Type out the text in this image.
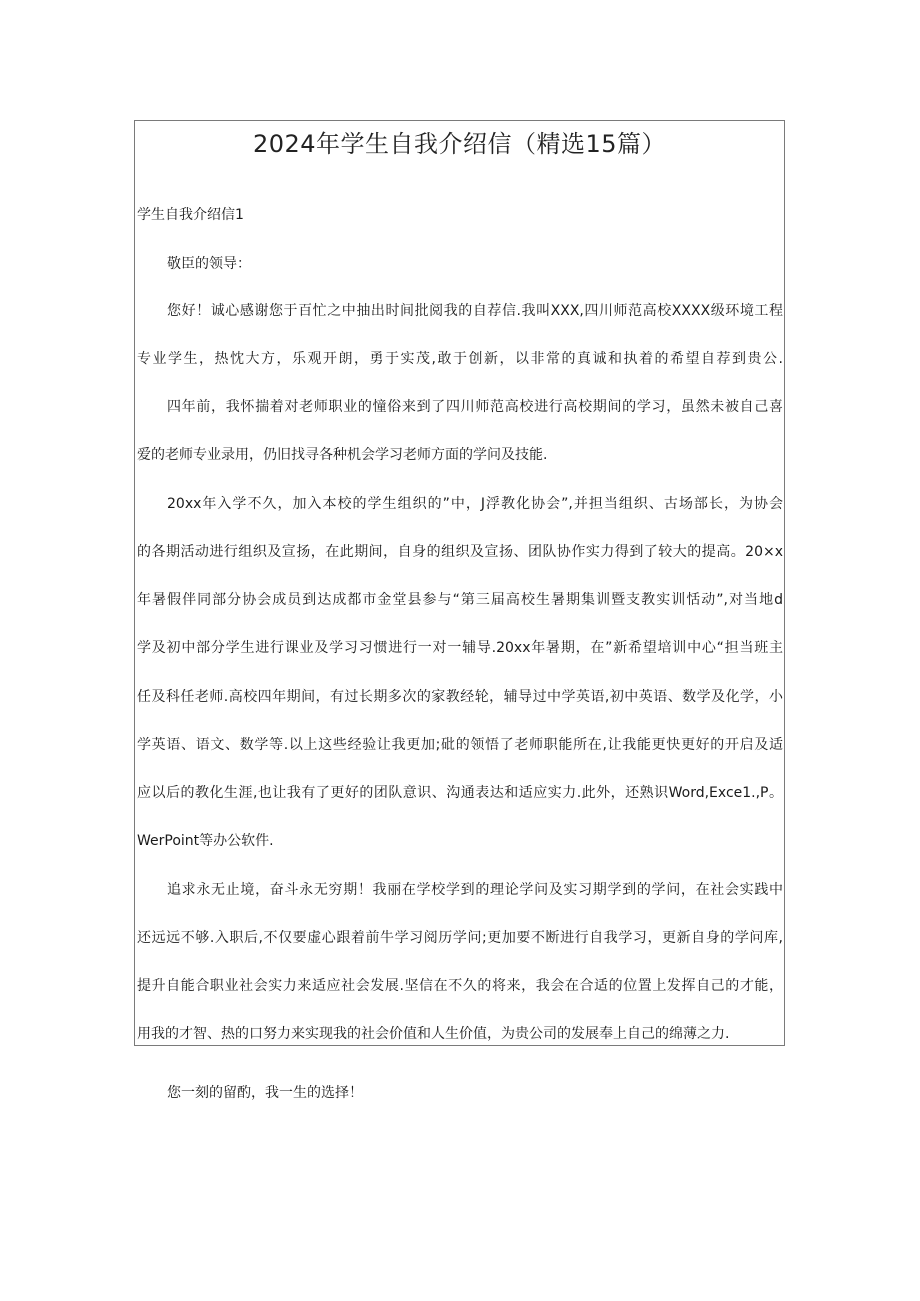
2024年学生自我介绍信（精选15篇）

学生自我介绍信1

敬臣的领导：

您好！诚心感谢您于百忙之中抽出时间批阅我的自荐信.我叫XXX,四川师范高校XXXX级环境工程

专业学生，热忱大方，乐观开朗，勇于实茂,敢于创新，以非常的真诚和执着的希望自荐到贵公.

四年前，我怀揣着对老师职业的憧俗来到了四川师范高校进行高校期间的学习，虽然未被自己喜

爱的老师专业录用，仍旧找寻各种机会学习老师方面的学问及技能.

20xx年入学不久，加入本校的学生组织的”中，J浮教化协会”,并担当组织、古场部长，为协会

的各期活动进行组织及宣扬，在此期间，自身的组织及宣扬、团队协作实力得到了较大的提高。20×x

年暑假伴同部分协会成员到达成都市金堂县参与“第三届高校生暑期集训暨支教实训恬动”,对当地d

学及初中部分学生进行课业及学习习惯进行一对一辅导.20xx年暑期，在”新希望培训中心“担当班主

任及科任老师.高校四年期间，有过长期多次的家教经轮，辅导过中学英语,初中英语、数学及化学，小

学英语、语文、数学等.以上这些经验让我更加;砒的领悟了老师职能所在,让我能更快更好的开启及适

应以后的教化生涯,也让我有了更好的团队意识、沟通表达和适应实力.此外，还熟识Word,Exce1.,P。

WerPoint等办公软件.

追求永无止境，奋斗永无穷期！我丽在学校学到的理论学问及实习期学到的学问，在社会实践中

还远远不够.入职后,不仅要虚心跟着前牛学习阅历学问;更加要不断进行自我学习，更新自身的学问库,

提升自能合职业社会实力来适应社会发展.坚信在不久的将来，我会在合适的位置上发挥自己的才能，

用我的才智、热的口努力来实现我的社会价值和人生价值，为贵公司的发展奉上自己的绵薄之力.

您一刻的留酌，我一生的选择！
